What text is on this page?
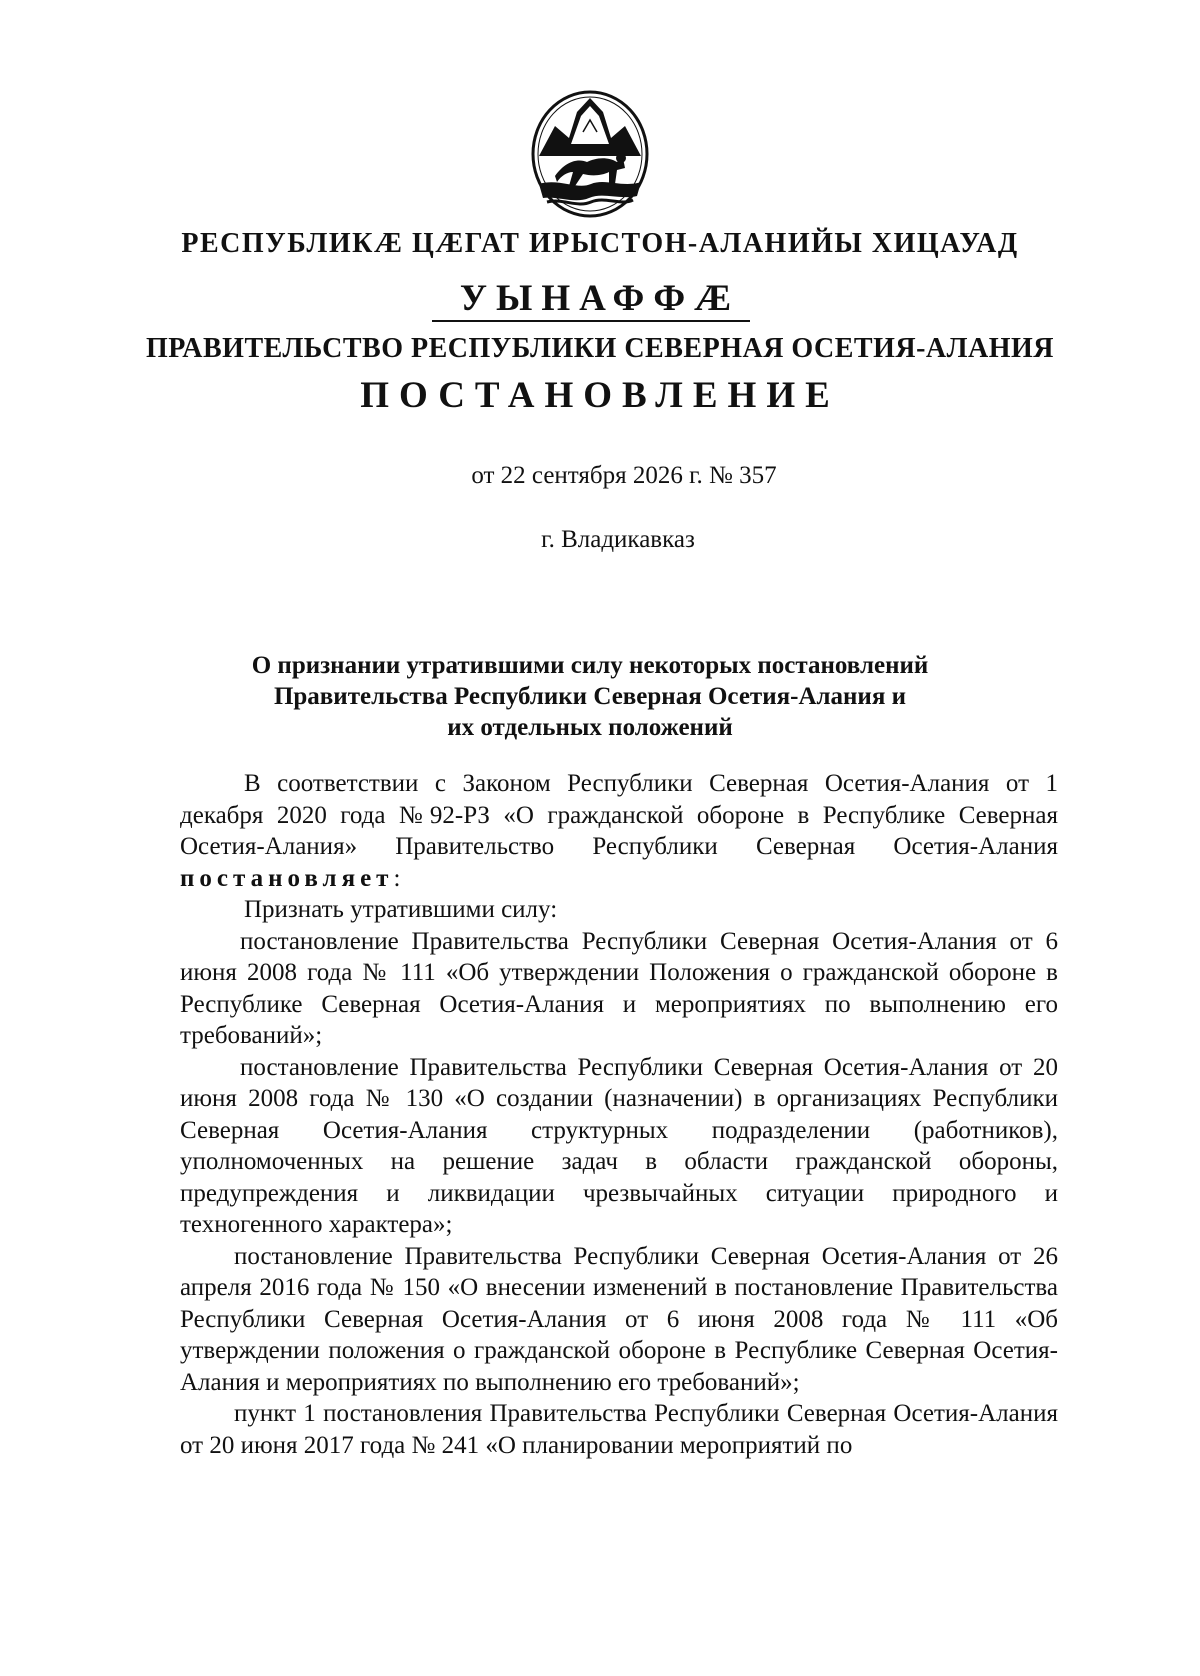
РЕСПУБЛИКӔ ЦӔГАТ ИРЫСТОН-АЛАНИЙЫ ХИЦАУАД

УЫНАФФӔ

ПРАВИТЕЛЬСТВО РЕСПУБЛИКИ СЕВЕРНАЯ ОСЕТИЯ-АЛАНИЯ

ПОСТАНОВЛЕНИЕ

от 22 сентября 2026 г. № 357

г. Владикавказ

О признании утратившими силу некоторых постановлений
Правительства Республики Северная Осетия-Алания и
их отдельных положений

В соответствии с Законом Республики Северная Осетия-Алания от 1 декабря 2020 года №92-РЗ «О гражданской обороне в Республике Северная Осетия-Алания» Правительство Республики Северная Осетия-Алания постановляет:

Признать утратившими силу:

постановление Правительства Республики Северная Осетия-Алания от 6 июня 2008 года № 111 «Об утверждении Положения о гражданской обороне в Республике Северная Осетия-Алания и мероприятиях по выполнению его требований»;

постановление Правительства Республики Северная Осетия-Алания от 20 июня 2008 года № 130 «О создании (назначении) в организациях Республики Северная Осетия-Алания структурных подразделении (работников), уполномоченных на решение задач в области гражданской обороны, предупреждения и ликвидации чрезвычайных ситуации природного и техногенного характера»;

постановление Правительства Республики Северная Осетия-Алания от 26 апреля 2016 года № 150 «О внесении изменений в постановление Правительства Республики Северная Осетия-Алания от 6 июня 2008 года № 111 «Об утверждении положения о гражданской обороне в Республике Северная Осетия-Алания и мероприятиях по выполнению его требований»;

пункт 1 постановления Правительства Республики Северная Осетия-Алания от 20 июня 2017 года № 241 «О планировании мероприятий по
